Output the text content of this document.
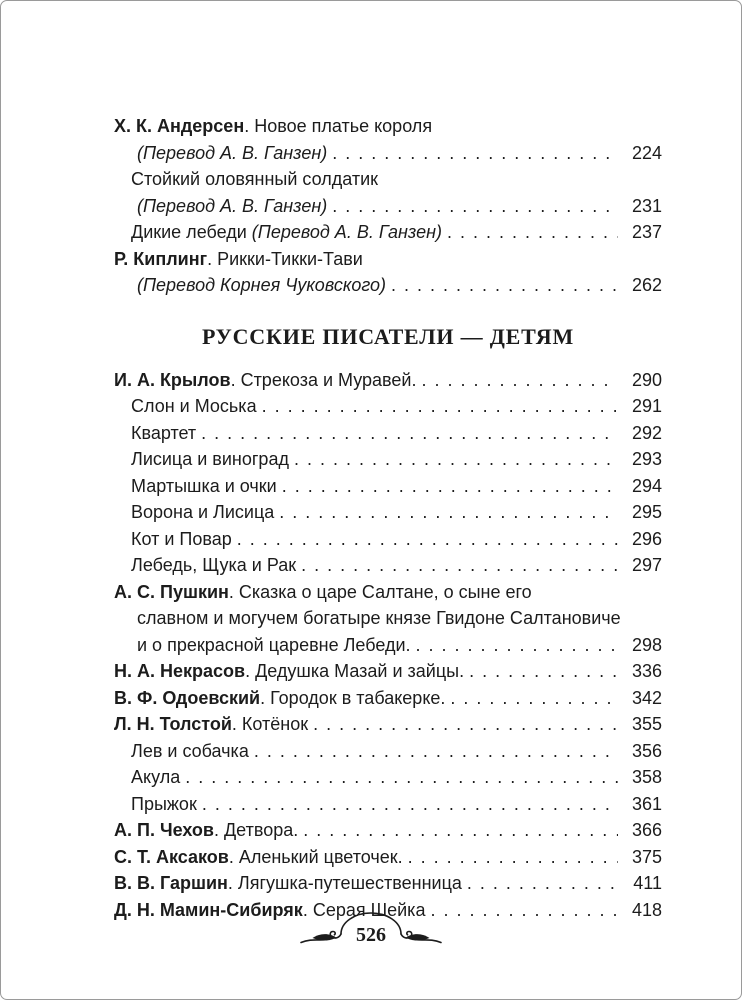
Х. К. Андерсен. Новое платье короля
(Перевод А. В. Ганзен) . . .	224
Стойкий оловянный солдатик
(Перевод А. В. Ганзен) . . .	231
Дикие лебеди (Перевод А. В. Ганзен) . . .	237
Р. Киплинг. Рикки-Тикки-Тави
(Перевод Корнея Чуковского) . . .	262
РУССКИЕ ПИСАТЕЛИ — ДЕТЯМ
И. А. Крылов. Стрекоза и Муравей. . . .	290
Слон и Моська . . .	291
Квартет . . .	292
Лисица и виноград . . .	293
Мартышка и очки . . .	294
Ворона и Лисица . . .	295
Кот и Повар . . .	296
Лебедь, Щука и Рак . . .	297
А. С. Пушкин. Сказка о царе Салтане, о сыне его
славном и могучем богатыре князе Гвидоне Салтановиче
и о прекрасной царевне Лебеди. . . .	298
Н. А. Некрасов. Дедушка Мазай и зайцы. . . .	336
В. Ф. Одоевский. Городок в табакерке. . . .	342
Л. Н. Толстой. Котёнок . . .	355
Лев и собачка . . .	356
Акула . . .	358
Прыжок . . .	361
А. П. Чехов. Детвора. . . .	366
С. Т. Аксаков. Аленький цветочек. . . .	375
В. В. Гаршин. Лягушка-путешественница . . .	411
Д. Н. Мамин-Сибиряк. Серая Шейка . . .	418
526
